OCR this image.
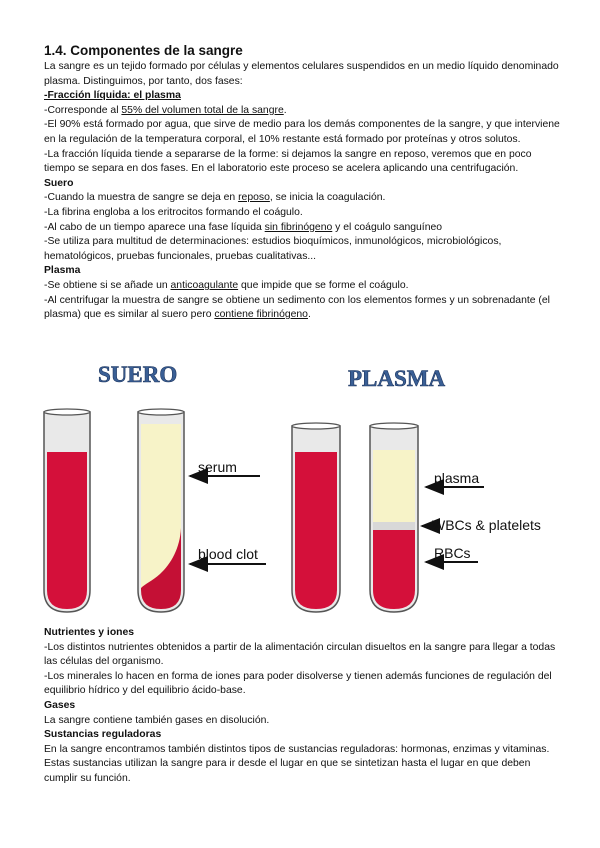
1.4. Componentes de la sangre

La sangre es un tejido formado por células y elementos celulares suspendidos en un medio líquido denominado plasma. Distinguimos, por tanto, dos fases:

-Fracción líquida: el plasma

-Corresponde al 55% del volumen total de la sangre.

-El 90% está formado por agua, que sirve de medio para los demás componentes de la sangre, y que interviene en la regulación de la temperatura corporal, el 10% restante está formado por proteínas y otros solutos.

-La fracción líquida tiende a separarse de la forme: si dejamos la sangre en reposo, veremos que en poco tiempo se separa en dos fases. En el laboratorio este proceso se acelera aplicando una centrifugación.

Suero

-Cuando la muestra de sangre se deja en reposo, se inicia la coagulación.

-La fibrina engloba a los eritrocitos formando el coágulo.

-Al cabo de un tiempo aparece una fase líquida sin fibrinógeno y el coágulo sanguíneo

-Se utiliza para multitud de determinaciones: estudios bioquímicos, inmunológicos, microbiológicos, hematológicos, pruebas funcionales, pruebas cualitativas...

Plasma

-Se obtiene si se añade un anticoagulante que impide que se forme el coágulo.

-Al centrifugar la muestra de sangre se obtiene un sedimento con los elementos formes y un sobrenadante (el plasma) que es similar al suero pero contiene fibrinógeno.

SUERO	PLASMA
serum
blood clot
plasma
WBCs & platelets
RBCs

Nutrientes y iones

-Los distintos nutrientes obtenidos a partir de la alimentación circulan disueltos en la sangre para llegar a todas las células del organismo.

-Los minerales lo hacen en forma de iones para poder disolverse y tienen además funciones de regulación del equilibrio hídrico y del equilibrio ácido-base.

Gases

La sangre contiene también gases en disolución.

Sustancias reguladoras

En la sangre encontramos también distintos tipos de sustancias reguladoras: hormonas, enzimas y vitaminas. Estas sustancias utilizan la sangre para ir desde el lugar en que se sintetizan hasta el lugar en que deben cumplir su función.
